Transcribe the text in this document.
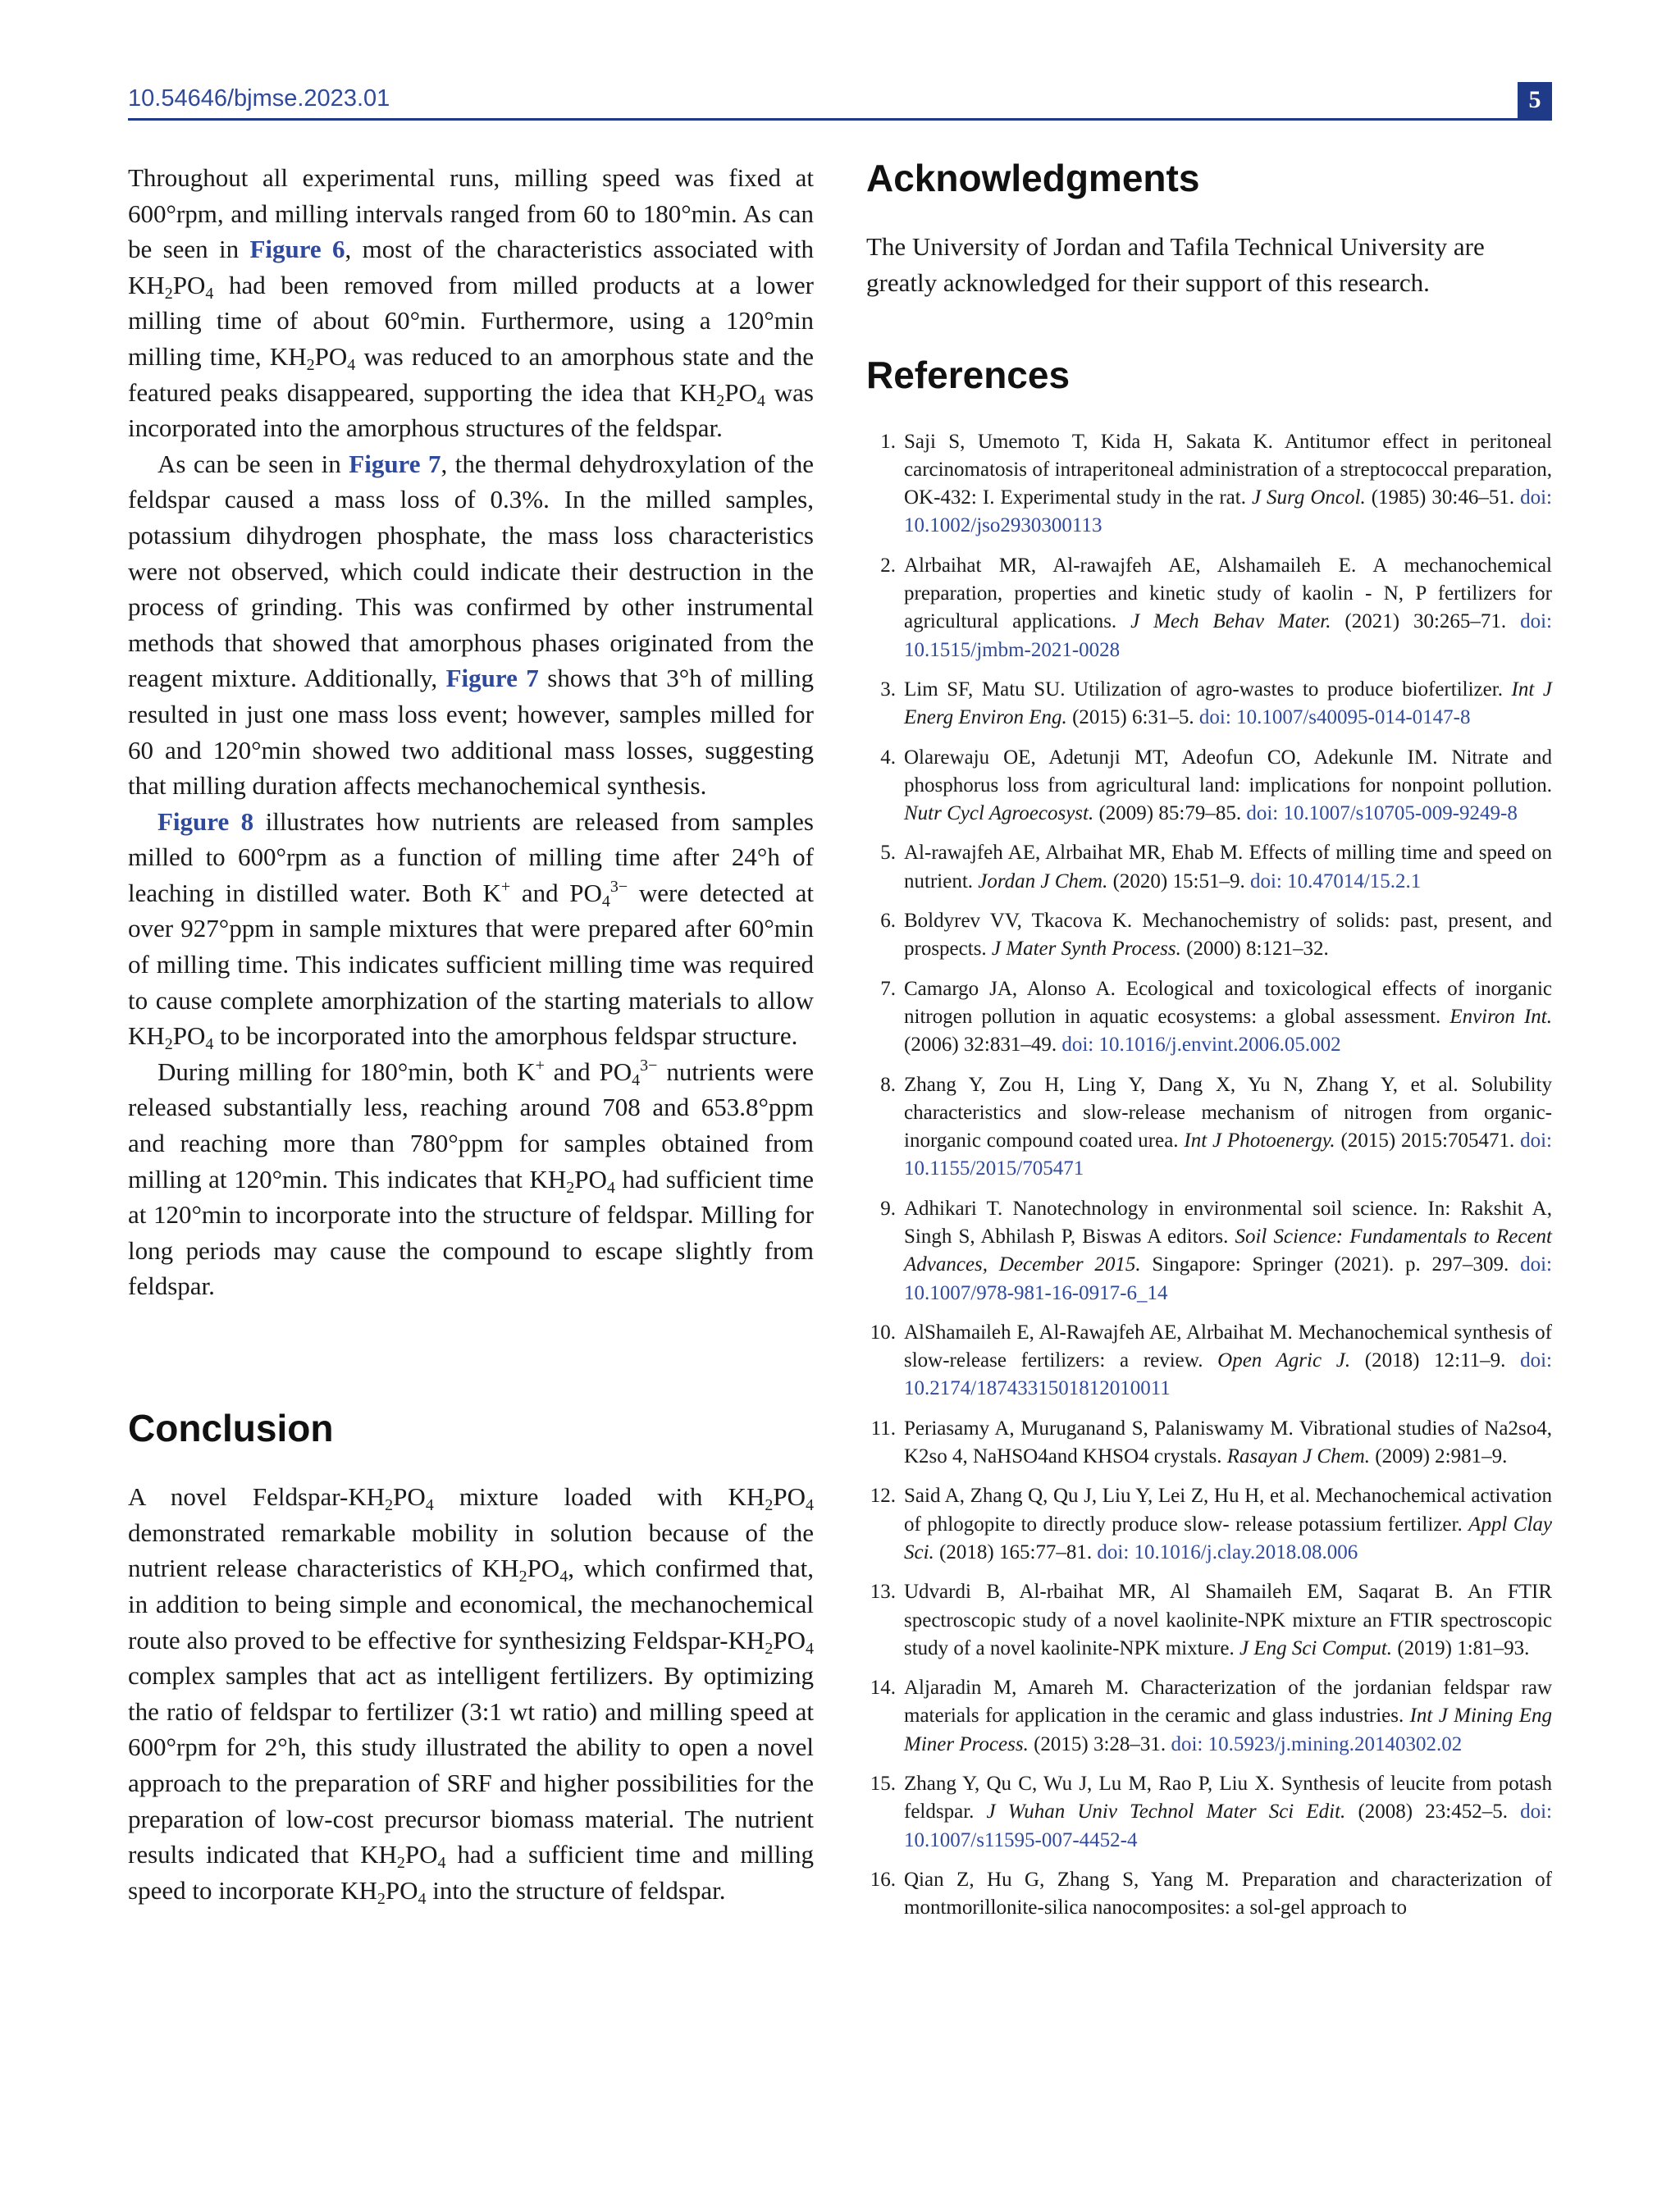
10.54646/bjmse.2023.01	5

Throughout all experimental runs, milling speed was fixed at 600°rpm, and milling intervals ranged from 60 to 180°min. As can be seen in Figure 6, most of the characteristics associated with $KH_2PO_4$ had been removed from milled products at a lower milling time of about 60°min. Furthermore, using a 120°min milling time, $KH_2PO_4$ was reduced to an amorphous state and the featured peaks disappeared, supporting the idea that $KH_2PO_4$ was incorporated into the amorphous structures of the feldspar.

As can be seen in Figure 7, the thermal dehydroxylation of the feldspar caused a mass loss of 0.3%. In the milled samples, potassium dihydrogen phosphate, the mass loss characteristics were not observed, which could indicate their destruction in the process of grinding. This was confirmed by other instrumental methods that showed that amorphous phases originated from the reagent mixture. Additionally, Figure 7 shows that 3°h of milling resulted in just one mass loss event; however, samples milled for 60 and 120°min showed two additional mass losses, suggesting that milling duration affects mechanochemical synthesis.

Figure 8 illustrates how nutrients are released from samples milled to 600°rpm as a function of milling time after 24°h of leaching in distilled water. Both K+ and $PO_4^{3-}$ were detected at over 927°ppm in sample mixtures that were prepared after 60°min of milling time. This indicates sufficient milling time was required to cause complete amorphization of the starting materials to allow $KH_2PO_4$ to be incorporated into the amorphous feldspar structure.

During milling for 180°min, both K+ and $PO_4^{3-}$ nutrients were released substantially less, reaching around 708 and 653.8°ppm and reaching more than 780°ppm for samples obtained from milling at 120°min. This indicates that $KH_2PO_4$ had sufficient time at 120°min to incorporate into the structure of feldspar. Milling for long periods may cause the compound to escape slightly from feldspar.

Conclusion

A novel Feldspar-$KH_2PO_4$ mixture loaded with $KH_2PO_4$ demonstrated remarkable mobility in solution because of the nutrient release characteristics of $KH_2PO_4$, which confirmed that, in addition to being simple and economical, the mechanochemical route also proved to be effective for synthesizing Feldspar-$KH_2PO_4$ complex samples that act as intelligent fertilizers. By optimizing the ratio of feldspar to fertilizer (3:1 wt ratio) and milling speed at 600°rpm for 2°h, this study illustrated the ability to open a novel approach to the preparation of SRF and higher possibilities for the preparation of low-cost precursor biomass material. The nutrient results indicated that $KH_2PO_4$ had a sufficient time and milling speed to incorporate $KH_2PO_4$ into the structure of feldspar.

Acknowledgments

The University of Jordan and Tafila Technical University are greatly acknowledged for their support of this research.

References
1. Saji S, Umemoto T, Kida H, Sakata K. Antitumor effect in peritoneal carcinomatosis of intraperitoneal administration of a streptococcal preparation, OK-432: I. Experimental study in the rat. J Surg Oncol. (1985) 30:46–51. doi: 10.1002/jso2930300113
2. Alrbaihat MR, Al-rawajfeh AE, Alshamaileh E. A mechanochemical preparation, properties and kinetic study of kaolin - N, P fertilizers for agricultural applications. J Mech Behav Mater. (2021) 30:265–71. doi: 10.1515/jmbm-2021-0028
3. Lim SF, Matu SU. Utilization of agro-wastes to produce biofertilizer. Int J Energ Environ Eng. (2015) 6:31–5. doi: 10.1007/s40095-014-0147-8
4. Olarewaju OE, Adetunji MT, Adeofun CO, Adekunle IM. Nitrate and phosphorus loss from agricultural land: implications for nonpoint pollution. Nutr Cycl Agroecosyst. (2009) 85:79–85. doi: 10.1007/s10705-009-9249-8
5. Al-rawajfeh AE, Alrbaihat MR, Ehab M. Effects of milling time and speed on nutrient. Jordan J Chem. (2020) 15:51–9. doi: 10.47014/15.2.1
6. Boldyrev VV, Tkacova K. Mechanochemistry of solids: past, present, and prospects. J Mater Synth Process. (2000) 8:121–32.
7. Camargo JA, Alonso A. Ecological and toxicological effects of inorganic nitrogen pollution in aquatic ecosystems: a global assessment. Environ Int. (2006) 32:831–49. doi: 10.1016/j.envint.2006.05.002
8. Zhang Y, Zou H, Ling Y, Dang X, Yu N, Zhang Y, et al. Solubility characteristics and slow-release mechanism of nitrogen from organic-inorganic compound coated urea. Int J Photoenergy. (2015) 2015:705471. doi: 10.1155/2015/705471
9. Adhikari T. Nanotechnology in environmental soil science. In: Rakshit A, Singh S, Abhilash P, Biswas A editors. Soil Science: Fundamentals to Recent Advances, December 2015. Singapore: Springer (2021). p. 297–309. doi: 10.1007/978-981-16-0917-6_14
10. AlShamaileh E, Al-Rawajfeh AE, Alrbaihat M. Mechanochemical synthesis of slow-release fertilizers: a review. Open Agric J. (2018) 12:11–9. doi: 10.2174/1874331501812010011
11. Periasamy A, Muruganand S, Palaniswamy M. Vibrational studies of Na2so4, K2so 4, NaHSO4and KHSO4 crystals. Rasayan J Chem. (2009) 2:981–9.
12. Said A, Zhang Q, Qu J, Liu Y, Lei Z, Hu H, et al. Mechanochemical activation of phlogopite to directly produce slow- release potassium fertilizer. Appl Clay Sci. (2018) 165:77–81. doi: 10.1016/j.clay.2018.08.006
13. Udvardi B, Al-rbaihat MR, Al Shamaileh EM, Saqarat B. An FTIR spectroscopic study of a novel kaolinite-NPK mixture an FTIR spectroscopic study of a novel kaolinite-NPK mixture. J Eng Sci Comput. (2019) 1:81–93.
14. Aljaradin M, Amareh M. Characterization of the jordanian feldspar raw materials for application in the ceramic and glass industries. Int J Mining Eng Miner Process. (2015) 3:28–31. doi: 10.5923/j.mining.20140302.02
15. Zhang Y, Qu C, Wu J, Lu M, Rao P, Liu X. Synthesis of leucite from potash feldspar. J Wuhan Univ Technol Mater Sci Edit. (2008) 23:452–5. doi: 10.1007/s11595-007-4452-4
16. Qian Z, Hu G, Zhang S, Yang M. Preparation and characterization of montmorillonite-silica nanocomposites: a sol-gel approach to
